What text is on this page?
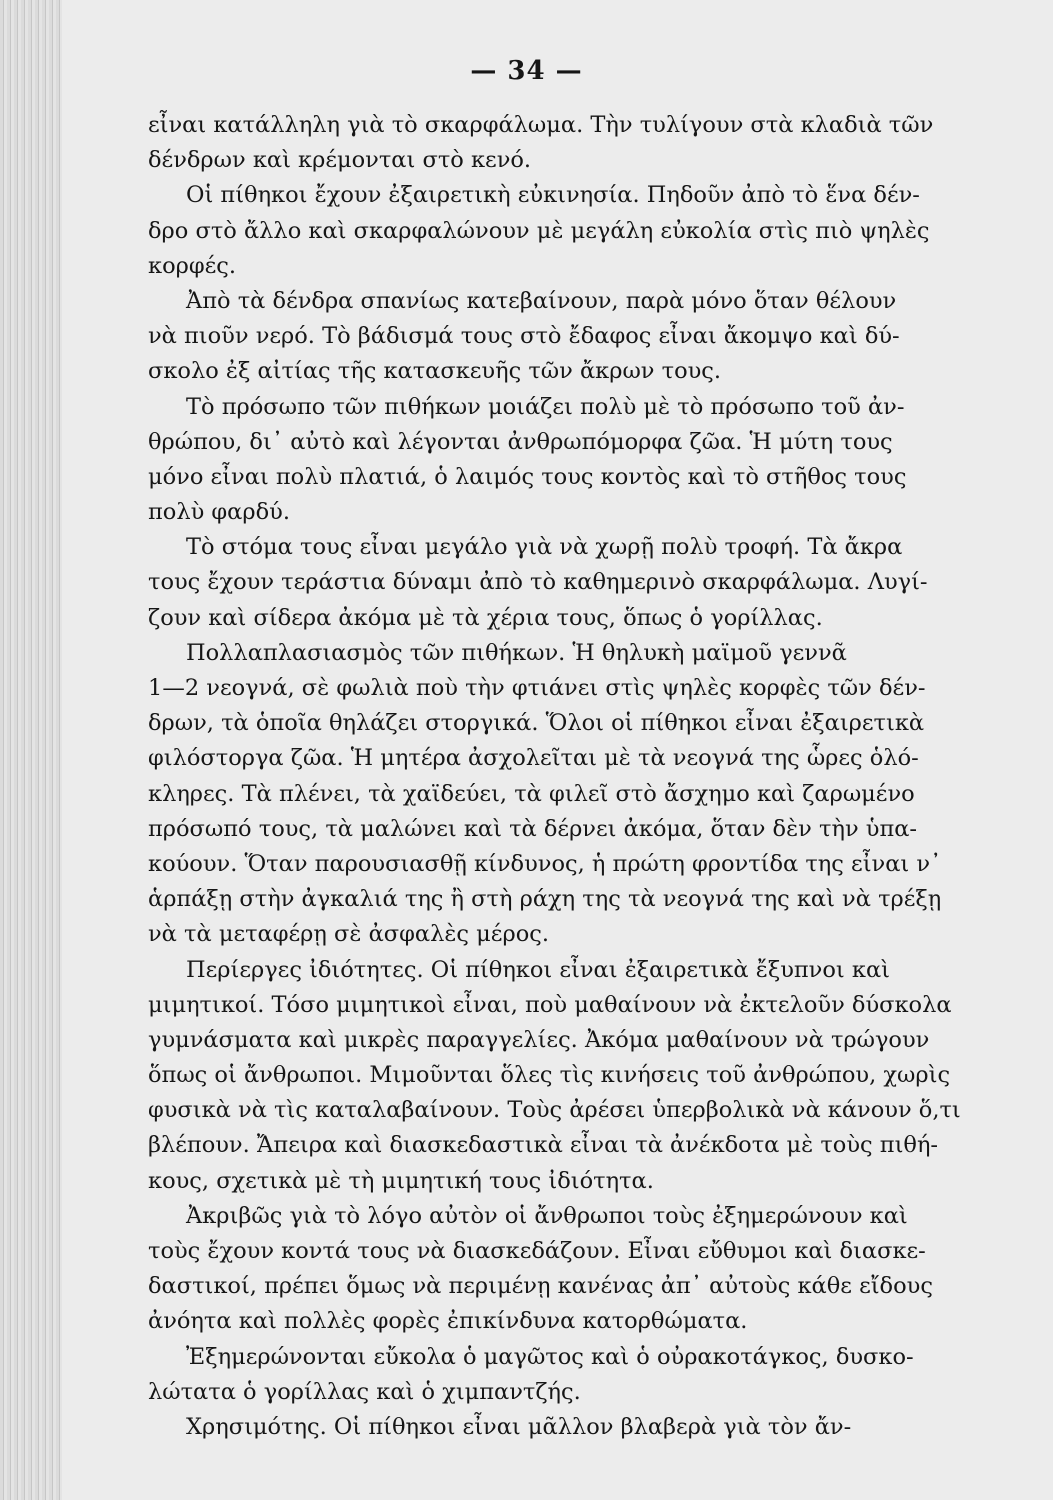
— 34 —
εἶναι κατάλληλη γιὰ τὸ σκαρφάλωμα. Τὴν τυλίγουν στὰ κλαδιὰ τῶν
δένδρων καὶ κρέμονται στὸ κενό.
Οἱ πίθηκοι ἔχουν ἐξαιρετικὴ εὐκινησία. Πηδοῦν ἀπὸ τὸ ἕνα δέν-
δρο στὸ ἄλλο καὶ σκαρφαλώνουν μὲ μεγάλη εὐκολία στὶς πιὸ ψηλὲς
κορφές.
Ἀπὸ τὰ δένδρα σπανίως κατεβαίνουν, παρὰ μόνο ὅταν θέλουν
νὰ πιοῦν νερό. Τὸ βάδισμά τους στὸ ἔδαφος εἶναι ἄκομψο καὶ δύ-
σκολο ἐξ αἰτίας τῆς κατασκευῆς τῶν ἄκρων τους.
Τὸ πρόσωπο τῶν πιθήκων μοιάζει πολὺ μὲ τὸ πρόσωπο τοῦ ἀν-
θρώπου, δι᾽ αὐτὸ καὶ λέγονται ἀνθρωπόμορφα ζῶα. Ἡ μύτη τους
μόνο εἶναι πολὺ πλατιά, ὁ λαιμός τους κοντὸς καὶ τὸ στῆθος τους
πολὺ φαρδύ.
Τὸ στόμα τους εἶναι μεγάλο γιὰ νὰ χωρῇ πολὺ τροφή. Τὰ ἄκρα
τους ἔχουν τεράστια δύναμι ἀπὸ τὸ καθημερινὸ σκαρφάλωμα. Λυγί-
ζουν καὶ σίδερα ἀκόμα μὲ τὰ χέρια τους, ὅπως ὁ γορίλλας.
Πολλαπλασιασμὸς τῶν πιθήκων. Ἡ θηλυκὴ μαϊμοῦ γεννᾶ
1—2 νεογνά, σὲ φωλιὰ ποὺ τὴν φτιάνει στὶς ψηλὲς κορφὲς τῶν δέν-
δρων, τὰ ὁποῖα θηλάζει στοργικά. Ὅλοι οἱ πίθηκοι εἶναι ἐξαιρετικὰ
φιλόστοργα ζῶα. Ἡ μητέρα ἀσχολεῖται μὲ τὰ νεογνά της ὧρες ὁλό-
κληρες. Τὰ πλένει, τὰ χαϊδεύει, τὰ φιλεῖ στὸ ἄσχημο καὶ ζαρωμένο
πρόσωπό τους, τὰ μαλώνει καὶ τὰ δέρνει ἀκόμα, ὅταν δὲν τὴν ὑπα-
κούουν. Ὅταν παρουσιασθῇ κίνδυνος, ἡ πρώτη φροντίδα της εἶναι ν᾽
ἁρπάξῃ στὴν ἀγκαλιά της ἢ στὴ ράχη της τὰ νεογνά της καὶ νὰ τρέξῃ
νὰ τὰ μεταφέρῃ σὲ ἀσφαλὲς μέρος.
Περίεργες ἰδιότητες. Οἱ πίθηκοι εἶναι ἐξαιρετικὰ ἔξυπνοι καὶ
μιμητικοί. Τόσο μιμητικοὶ εἶναι, ποὺ μαθαίνουν νὰ ἐκτελοῦν δύσκολα
γυμνάσματα καὶ μικρὲς παραγγελίες. Ἀκόμα μαθαίνουν νὰ τρώγουν
ὅπως οἱ ἄνθρωποι. Μιμοῦνται ὅλες τὶς κινήσεις τοῦ ἀνθρώπου, χωρὶς
φυσικὰ νὰ τὶς καταλαβαίνουν. Τοὺς ἀρέσει ὑπερβολικὰ νὰ κάνουν ὅ,τι
βλέπουν. Ἄπειρα καὶ διασκεδαστικὰ εἶναι τὰ ἀνέκδοτα μὲ τοὺς πιθή-
κους, σχετικὰ μὲ τὴ μιμητική τους ἰδιότητα.
Ἀκριβῶς γιὰ τὸ λόγο αὐτὸν οἱ ἄνθρωποι τοὺς ἐξημερώνουν καὶ
τοὺς ἔχουν κοντά τους νὰ διασκεδάζουν. Εἶναι εὔθυμοι καὶ διασκε-
δαστικοί, πρέπει ὅμως νὰ περιμένῃ κανένας ἀπ᾽ αὐτοὺς κάθε εἴδους
ἀνόητα καὶ πολλὲς φορὲς ἐπικίνδυνα κατορθώματα.
Ἐξημερώνονται εὔκολα ὁ μαγῶτος καὶ ὁ οὐρακοτάγκος, δυσκο-
λώτατα ὁ γορίλλας καὶ ὁ χιμπαντζής.
Χρησιμότης. Οἱ πίθηκοι εἶναι μᾶλλον βλαβερὰ γιὰ τὸν ἄν-
